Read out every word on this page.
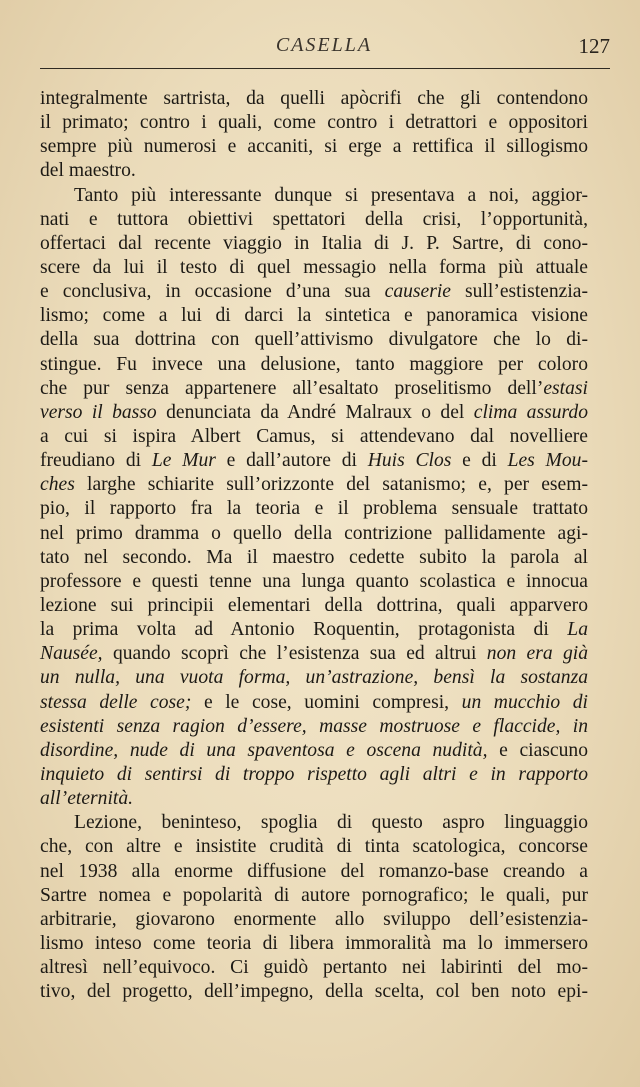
CASELLA	127
integralmente sartrista, da quelli apòcrifi che gli contendono
il primato; contro i quali, come contro i detrattori e oppositori
sempre più numerosi e accaniti, si erge a rettifica il sillogismo
del maestro.
Tanto più interessante dunque si presentava a noi, aggior-
nati e tuttora obiettivi spettatori della crisi, l’opportunità,
offertaci dal recente viaggio in Italia di J. P. Sartre, di cono-
scere da lui il testo di quel messagio nella forma più attuale
e conclusiva, in occasione d’una sua causerie sull’estistenzia-
lismo; come a lui di darci la sintetica e panoramica visione
della sua dottrina con quell’attivismo divulgatore che lo di-
stingue. Fu invece una delusione, tanto maggiore per coloro
che pur senza appartenere all’esaltato proselitismo dell’estasi
verso il basso denunciata da André Malraux o del clima assurdo
a cui si ispira Albert Camus, si attendevano dal novelliere
freudiano di Le Mur e dall’autore di Huis Clos e di Les Mou-
ches larghe schiarite sull’orizzonte del satanismo; e, per esem-
pio, il rapporto fra la teoria e il problema sensuale trattato
nel primo dramma o quello della contrizione pallidamente agi-
tato nel secondo. Ma il maestro cedette subito la parola al
professore e questi tenne una lunga quanto scolastica e innocua
lezione sui principii elementari della dottrina, quali apparvero
la prima volta ad Antonio Roquentin, protagonista di La
Nausée, quando scoprì che l’esistenza sua ed altrui non era già
un nulla, una vuota forma, un’astrazione, bensì la sostanza
stessa delle cose; e le cose, uomini compresi, un mucchio di
esistenti senza ragion d’essere, masse mostruose e flaccide, in
disordine, nude di una spaventosa e oscena nudità, e ciascuno
inquieto di sentirsi di troppo rispetto agli altri e in rapporto
all’eternità.
Lezione, beninteso, spoglia di questo aspro linguaggio
che, con altre e insistite crudità di tinta scatologica, concorse
nel 1938 alla enorme diffusione del romanzo-base creando a
Sartre nomea e popolarità di autore pornografico; le quali, pur
arbitrarie, giovarono enormente allo sviluppo dell’esistenzia-
lismo inteso come teoria di libera immoralità ma lo immersero
altresì nell’equivoco. Ci guidò pertanto nei labirinti del mo-
tivo, del progetto, dell’impegno, della scelta, col ben noto epi-
